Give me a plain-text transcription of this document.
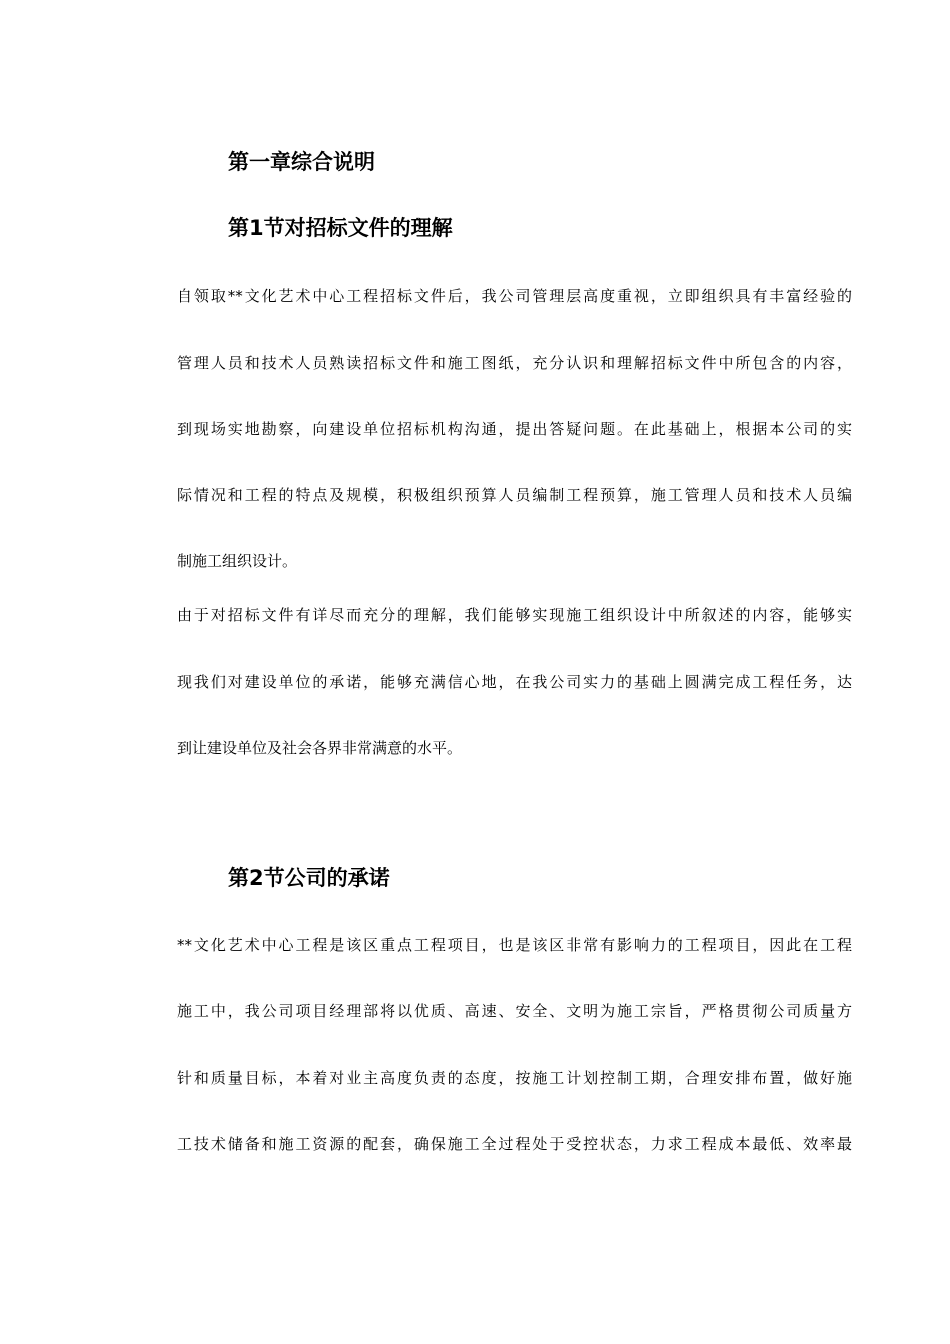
第一章综合说明
第1节对招标文件的理解

自领取**文化艺术中心工程招标文件后，我公司管理层高度重视，立即组织具有丰富经验的

管理人员和技术人员熟读招标文件和施工图纸，充分认识和理解招标文件中所包含的内容，

到现场实地勘察，向建设单位招标机构沟通，提出答疑问题。在此基础上，根据本公司的实

际情况和工程的特点及规模，积极组织预算人员编制工程预算，施工管理人员和技术人员编

制施工组织设计。

由于对招标文件有详尽而充分的理解，我们能够实现施工组织设计中所叙述的内容，能够实

现我们对建设单位的承诺，能够充满信心地，在我公司实力的基础上圆满完成工程任务，达

到让建设单位及社会各界非常满意的水平。

第2节公司的承诺

**文化艺术中心工程是该区重点工程项目，也是该区非常有影响力的工程项目，因此在工程

施工中，我公司项目经理部将以优质、高速、安全、文明为施工宗旨，严格贯彻公司质量方

针和质量目标，本着对业主高度负责的态度，按施工计划控制工期，合理安排布置，做好施

工技术储备和施工资源的配套，确保施工全过程处于受控状态，力求工程成本最低、效率最
